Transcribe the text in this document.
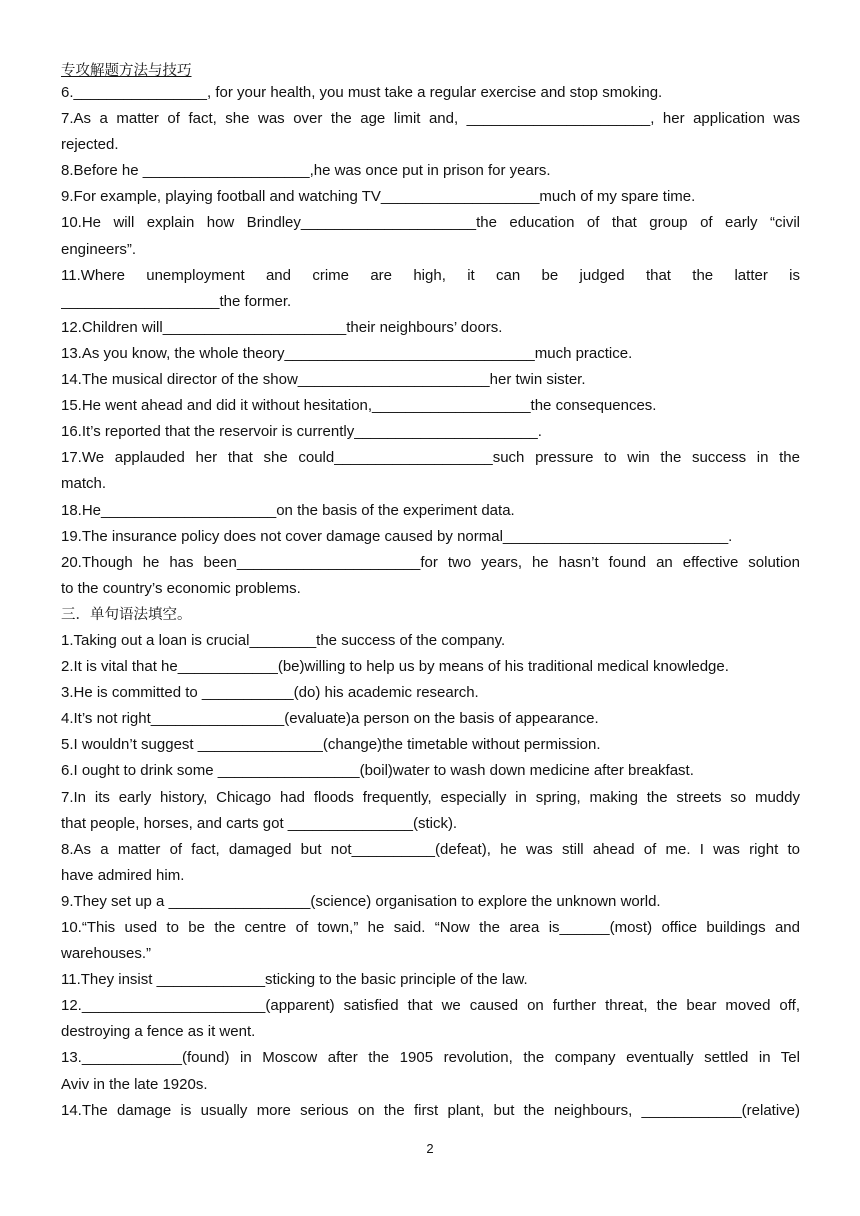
专攻解题方法与技巧
6.________________, for your health, you must take a regular exercise and stop smoking.
7.As a matter of fact, she was over the age limit and, ______________________, her application was
rejected.
8.Before he ____________________,he was once put in prison for years.
9.For example, playing football and watching TV___________________much of my spare time.
10.He will explain how Brindley_____________________the education of that group of early “civil
engineers”.
11.Where unemployment and crime are high, it can be judged that the latter is
___________________the former.
12.Children will______________________their neighbours’ doors.
13.As you know, the whole theory______________________________much practice.
14.The musical director of the show_______________________her twin sister.
15.He went ahead and did it without hesitation,___________________the consequences.
16.It’s reported that the reservoir is currently______________________.
17.We applauded her that she could___________________such pressure to win the success in the
match.
18.He_____________________on the basis of the experiment data.
19.The insurance policy does not cover damage caused by normal___________________________.
20.Though he has been______________________for two years, he hasn’t found an effective solution
to the country’s economic problems.
三．单句语法填空。
1.Taking out a loan is crucial________the success of the company.
2.It is vital that he____________(be)willing to help us by means of his traditional medical knowledge.
3.He is committed to ___________(do) his academic research.
4.It’s not right________________(evaluate)a person on the basis of appearance.
5.I wouldn’t suggest _______________(change)the timetable without permission.
6.I ought to drink some _________________(boil)water to wash down medicine after breakfast.
7.In its early history, Chicago had floods frequently, especially in spring, making the streets so muddy
that people, horses, and carts got _______________(stick).
8.As a matter of fact, damaged but not__________(defeat), he was still ahead of me. I was right to
have admired him.
9.They set up a _________________(science) organisation to explore the unknown world.
10.“This used to be the centre of town,” he said. “Now the area is______(most) office buildings and
warehouses.”
11.They insist _____________sticking to the basic principle of the law.
12.______________________(apparent) satisfied that we caused on further threat, the bear moved off,
destroying a fence as it went.
13.____________(found) in Moscow after the 1905 revolution, the company eventually settled in Tel
Aviv in the late 1920s.
14.The damage is usually more serious on the first plant, but the neighbours, ____________(relative)
2
